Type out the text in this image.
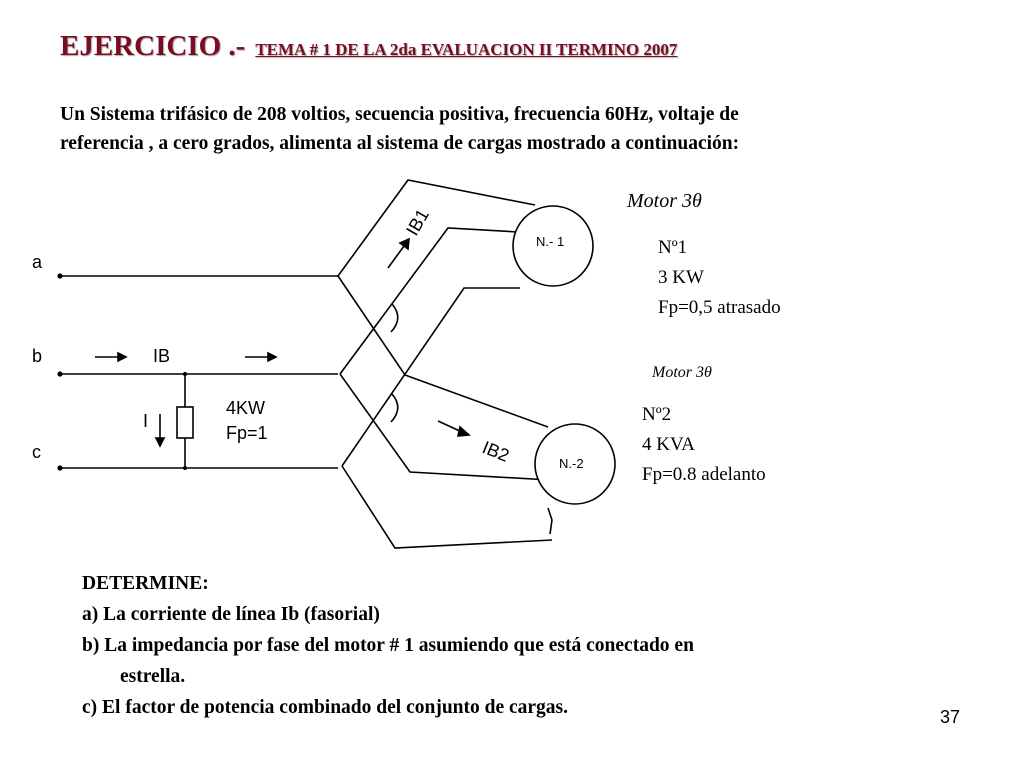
EJERCICIO .- TEMA # 1 DE LA 2da EVALUACION II TERMINO 2007

Un Sistema trifásico de 208 voltios, secuencia positiva, frecuencia 60Hz, voltaje de
referencia , a cero grados, alimenta al sistema de cargas mostrado a continuación:

N.- 1
N.-2
a
b
c
IB
I
4KW
Fp=1
IB1
IB2
Motor 3θ
Nº1
3 KW
Fp=0,5 atrasado
Motor 3θ
Nº2
4 KVA
Fp=0.8 adelanto
DETERMINE:
a) La corriente de línea Ib (fasorial)
b) La impedancia por fase del motor # 1 asumiendo que está conectado en
estrella.
c) El factor de potencia combinado del conjunto de cargas.	37
